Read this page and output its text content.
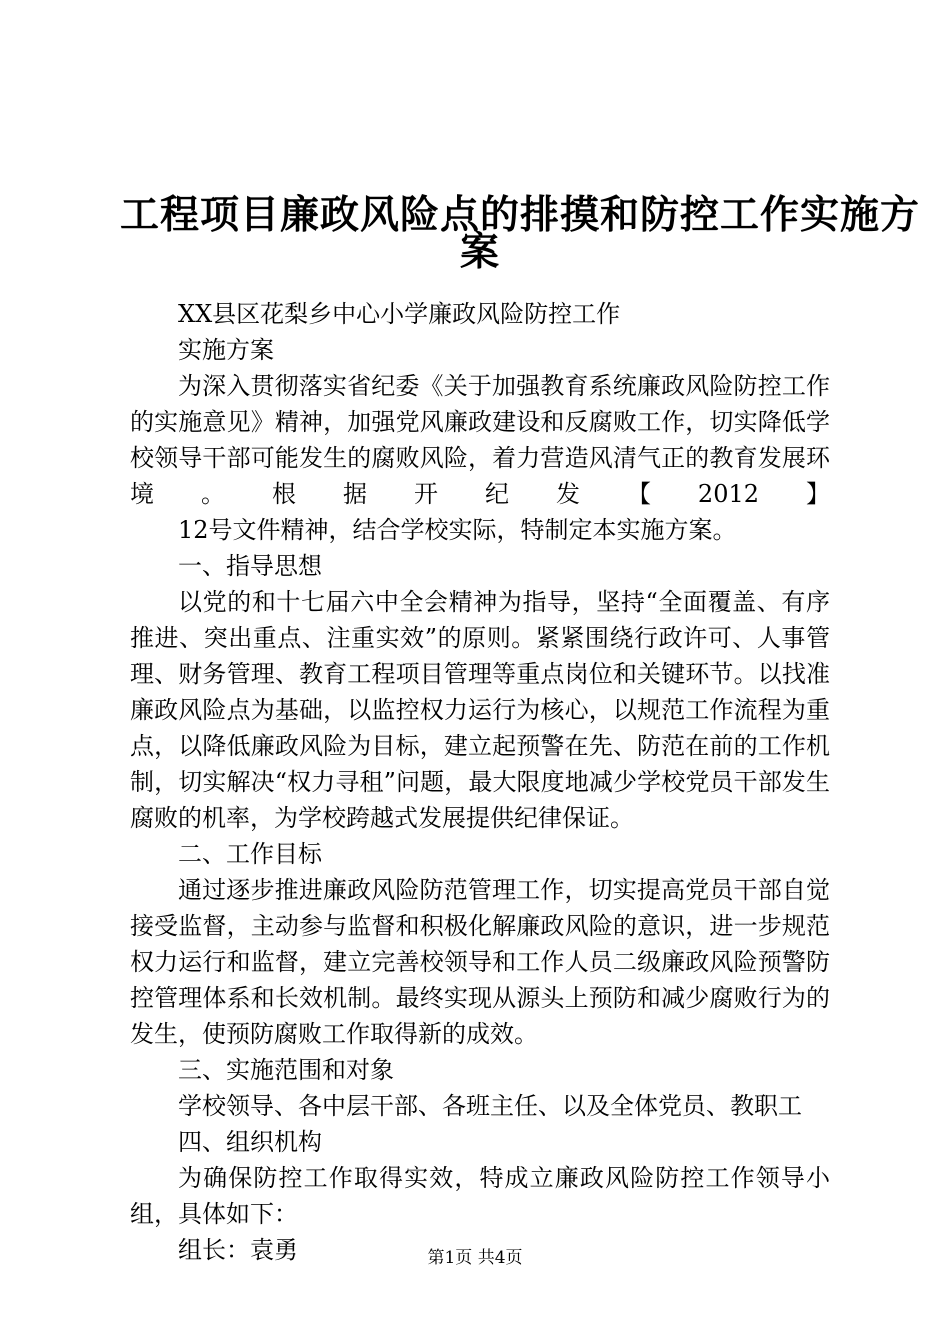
工程项目廉政风险点的排摸和防控工作实施方
案

XX县区花梨乡中心小学廉政风险防控工作

实施方案

为深入贯彻落实省纪委《关于加强教育系统廉政风险防控工作的实施意见》精神，加强党风廉政建设和反腐败工作，切实降低学校领导干部可能发生的腐败风险，着力营造风清气正的教育发展环境。根据开纪发【2012】

12号文件精神，结合学校实际，特制定本实施方案。

一、指导思想

以党的和十七届六中全会精神为指导，坚持“全面覆盖、有序推进、突出重点、注重实效”的原则。紧紧围绕行政许可、人事管理、财务管理、教育工程项目管理等重点岗位和关键环节。以找准廉政风险点为基础，以监控权力运行为核心，以规范工作流程为重点，以降低廉政风险为目标，建立起预警在先、防范在前的工作机制，切实解决“权力寻租”问题，最大限度地减少学校党员干部发生腐败的机率，为学校跨越式发展提供纪律保证。

二、工作目标

通过逐步推进廉政风险防范管理工作，切实提高党员干部自觉接受监督，主动参与监督和积极化解廉政风险的意识，进一步规范权力运行和监督，建立完善校领导和工作人员二级廉政风险预警防控管理体系和长效机制。最终实现从源头上预防和减少腐败行为的发生，使预防腐败工作取得新的成效。

三、实施范围和对象

学校领导、各中层干部、各班主任、以及全体党员、教职工

四、组织机构

为确保防控工作取得实效，特成立廉政风险防控工作领导小组，具体如下：

组长：袁勇	第1页 共4页
